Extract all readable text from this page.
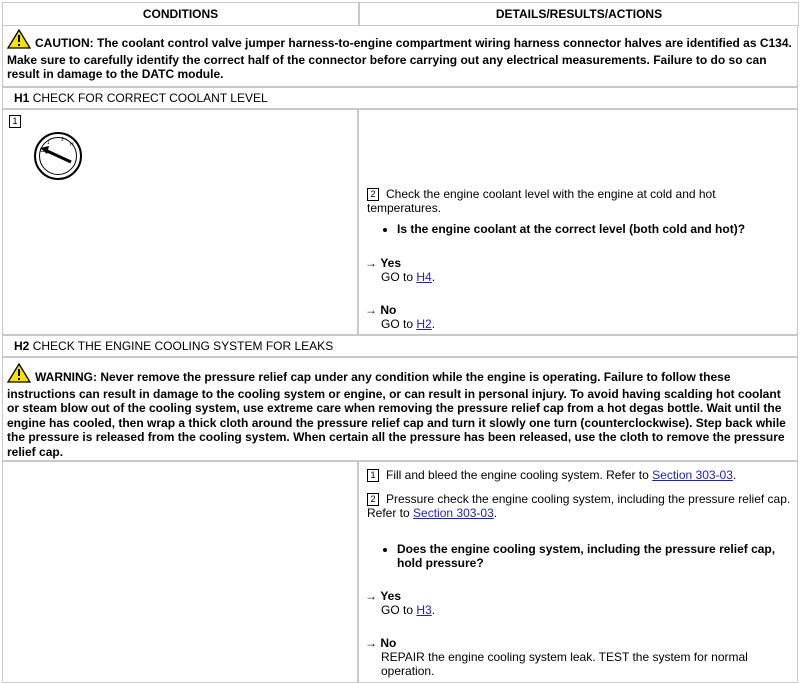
CONDITIONS	DETAILS/RESULTS/ACTIONS
CAUTION: The coolant control valve jumper harness-to-engine compartment wiring harness connector halves are identified as C134. Make sure to carefully identify the correct half of the connector before carrying out any electrical measurements. Failure to do so can result in damage to the DATC module.
H1 CHECK FOR CORRECT COOLANT LEVEL
1
C
1 2
H
2 Check the engine coolant level with the engine at cold and hot temperatures.
• Is the engine coolant at the correct level (both cold and hot)?
→ Yes
GO to H4.
→ No
GO to H2.
H2 CHECK THE ENGINE COOLING SYSTEM FOR LEAKS
WARNING: Never remove the pressure relief cap under any condition while the engine is operating. Failure to follow these instructions can result in damage to the cooling system or engine, or can result in personal injury. To avoid having scalding hot coolant or steam blow out of the cooling system, use extreme care when removing the pressure relief cap from a hot degas bottle. Wait until the engine has cooled, then wrap a thick cloth around the pressure relief cap and turn it slowly one turn (counterclockwise). Step back while the pressure is released from the cooling system. When certain all the pressure has been released, use the cloth to remove the pressure relief cap.
1 Fill and bleed the engine cooling system. Refer to Section 303-03.
2 Pressure check the engine cooling system, including the pressure relief cap. Refer to Section 303-03.
• Does the engine cooling system, including the pressure relief cap, hold pressure?
→ Yes
GO to H3.
→ No

REPAIR the engine cooling system leak. TEST the system for normal operation.
